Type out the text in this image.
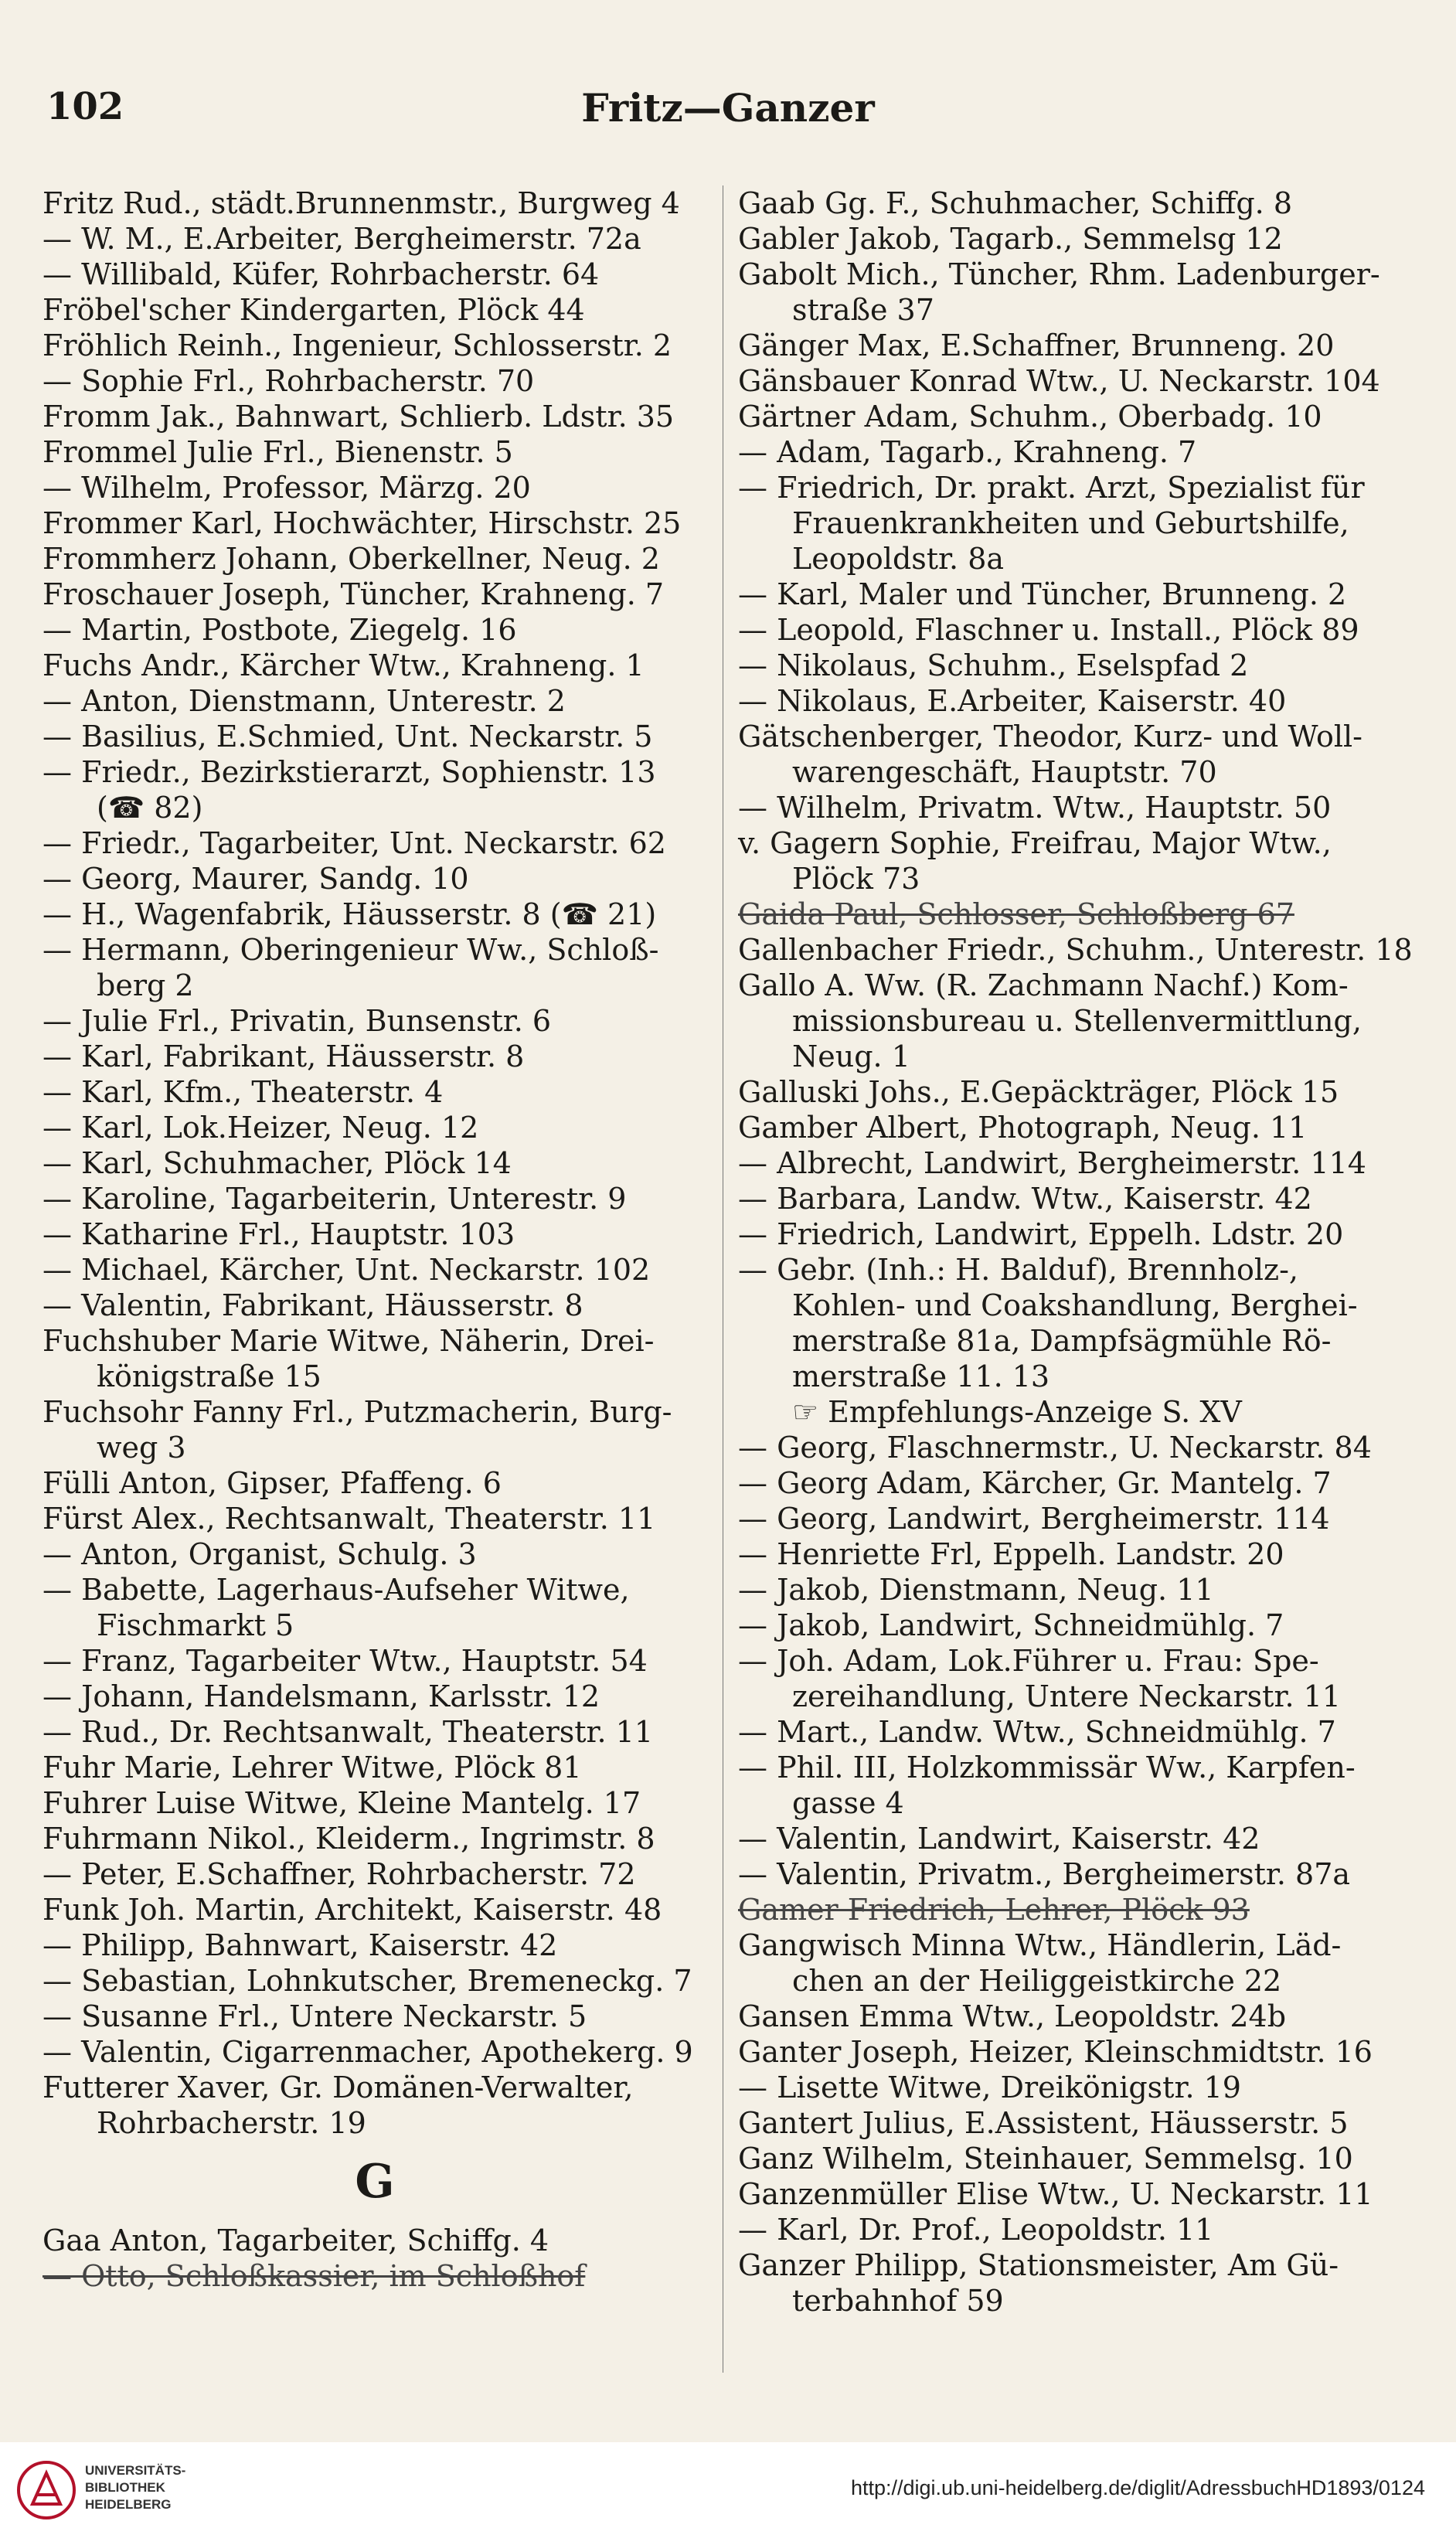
102	Fritz—Ganzer
Fritz Rud., städt.Brunnenmstr., Burgweg 4
— W. M., E.Arbeiter, Bergheimerstr. 72a
— Willibald, Küfer, Rohrbacherstr. 64
Fröbel'scher Kindergarten, Plöck 44
Fröhlich Reinh., Ingenieur, Schlosserstr. 2
— Sophie Frl., Rohrbacherstr. 70
Fromm Jak., Bahnwart, Schlierb. Ldstr. 35
Frommel Julie Frl., Bienenstr. 5
— Wilhelm, Professor, Märzg. 20
Frommer Karl, Hochwächter, Hirschstr. 25
Frommherz Johann, Oberkellner, Neug. 2
Froschauer Joseph, Tüncher, Krahneng. 7
— Martin, Postbote, Ziegelg. 16
Fuchs Andr., Kärcher Wtw., Krahneng. 1
— Anton, Dienstmann, Unterestr. 2
— Basilius, E.Schmied, Unt. Neckarstr. 5
— Friedr., Bezirkstierarzt, Sophienstr. 13
(☎ 82)
— Friedr., Tagarbeiter, Unt. Neckarstr. 62
— Georg, Maurer, Sandg. 10
— H., Wagenfabrik, Häusserstr. 8 (☎ 21)
— Hermann, Oberingenieur Ww., Schloß-
berg 2
— Julie Frl., Privatin, Bunsenstr. 6
— Karl, Fabrikant, Häusserstr. 8
— Karl, Kfm., Theaterstr. 4
— Karl, Lok.Heizer, Neug. 12
— Karl, Schuhmacher, Plöck 14
— Karoline, Tagarbeiterin, Unterestr. 9
— Katharine Frl., Hauptstr. 103
— Michael, Kärcher, Unt. Neckarstr. 102
— Valentin, Fabrikant, Häusserstr. 8
Fuchshuber Marie Witwe, Näherin, Drei-
königstraße 15
Fuchsohr Fanny Frl., Putzmacherin, Burg-
weg 3
Fülli Anton, Gipser, Pfaffeng. 6
Fürst Alex., Rechtsanwalt, Theaterstr. 11
— Anton, Organist, Schulg. 3
— Babette, Lagerhaus-Aufseher Witwe,
Fischmarkt 5
— Franz, Tagarbeiter Wtw., Hauptstr. 54
— Johann, Handelsmann, Karlsstr. 12
— Rud., Dr. Rechtsanwalt, Theaterstr. 11
Fuhr Marie, Lehrer Witwe, Plöck 81
Fuhrer Luise Witwe, Kleine Mantelg. 17
Fuhrmann Nikol., Kleiderm., Ingrimstr. 8
— Peter, E.Schaffner, Rohrbacherstr. 72
Funk Joh. Martin, Architekt, Kaiserstr. 48
— Philipp, Bahnwart, Kaiserstr. 42
— Sebastian, Lohnkutscher, Bremeneckg. 7
— Susanne Frl., Untere Neckarstr. 5
— Valentin, Cigarrenmacher, Apothekerg. 9
Futterer Xaver, Gr. Domänen-Verwalter,
Rohrbacherstr. 19
G
Gaa Anton, Tagarbeiter, Schiffg. 4
— Otto, Schloßkassier, im Schloßhof
Gaab Gg. F., Schuhmacher, Schiffg. 8
Gabler Jakob, Tagarb., Semmelsg 12
Gabolt Mich., Tüncher, Rhm. Ladenburger-
straße 37
Gänger Max, E.Schaffner, Brunneng. 20
Gänsbauer Konrad Wtw., U. Neckarstr. 104
Gärtner Adam, Schuhm., Oberbadg. 10
— Adam, Tagarb., Krahneng. 7
— Friedrich, Dr. prakt. Arzt, Spezialist für
Frauenkrankheiten und Geburtshilfe,
Leopoldstr. 8a
— Karl, Maler und Tüncher, Brunneng. 2
— Leopold, Flaschner u. Install., Plöck 89
— Nikolaus, Schuhm., Eselspfad 2
— Nikolaus, E.Arbeiter, Kaiserstr. 40
Gätschenberger, Theodor, Kurz- und Woll-
warengeschäft, Hauptstr. 70
— Wilhelm, Privatm. Wtw., Hauptstr. 50
v. Gagern Sophie, Freifrau, Major Wtw.,
Plöck 73
Gaida Paul, Schlosser, Schloßberg 67
Gallenbacher Friedr., Schuhm., Unterestr. 18
Gallo A. Ww. (R. Zachmann Nachf.) Kom-
missionsbureau u. Stellenvermittlung,
Neug. 1
Galluski Johs., E.Gepäckträger, Plöck 15
Gamber Albert, Photograph, Neug. 11
— Albrecht, Landwirt, Bergheimerstr. 114
— Barbara, Landw. Wtw., Kaiserstr. 42
— Friedrich, Landwirt, Eppelh. Ldstr. 20
— Gebr. (Inh.: H. Balduf), Brennholz-,
Kohlen- und Coakshandlung, Berghei-
merstraße 81a, Dampfsägmühle Rö-
merstraße 11. 13
☞ Empfehlungs-Anzeige S. XV
— Georg, Flaschnermstr., U. Neckarstr. 84
— Georg Adam, Kärcher, Gr. Mantelg. 7
— Georg, Landwirt, Bergheimerstr. 114
— Henriette Frl, Eppelh. Landstr. 20
— Jakob, Dienstmann, Neug. 11
— Jakob, Landwirt, Schneidmühlg. 7
— Joh. Adam, Lok.Führer u. Frau: Spe-
zereihandlung, Untere Neckarstr. 11
— Mart., Landw. Wtw., Schneidmühlg. 7
— Phil. III, Holzkommissär Ww., Karpfen-
gasse 4
— Valentin, Landwirt, Kaiserstr. 42
— Valentin, Privatm., Bergheimerstr. 87a
Gamer Friedrich, Lehrer, Plöck 93
Gangwisch Minna Wtw., Händlerin, Läd-
chen an der Heiliggeistkirche 22
Gansen Emma Wtw., Leopoldstr. 24b
Ganter Joseph, Heizer, Kleinschmidtstr. 16
— Lisette Witwe, Dreikönigstr. 19
Gantert Julius, E.Assistent, Häusserstr. 5
Ganz Wilhelm, Steinhauer, Semmelsg. 10
Ganzenmüller Elise Wtw., U. Neckarstr. 11
— Karl, Dr. Prof., Leopoldstr. 11
Ganzer Philipp, Stationsmeister, Am Gü-
terbahnhof 59
UNIVERSITÄTS-
BIBLIOTHEK
HEIDELBERG
http://digi.ub.uni-heidelberg.de/diglit/AdressbuchHD1893/0124
